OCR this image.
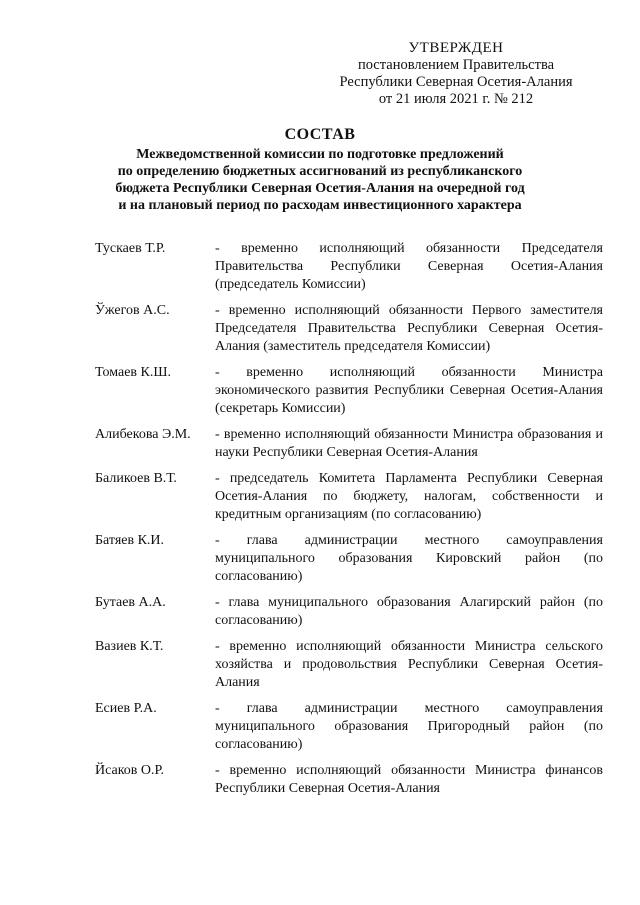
УТВЕРЖДЕН
постановлением Правительства
Республики Северная Осетия-Алания
от 21 июля 2021 г. № 212
СОСТАВ
Межведомственной комиссии по подготовке предложений
по определению бюджетных ассигнований из республиканского
бюджета Республики Северная Осетия-Алания на очередной год
и на плановый период по расходам инвестиционного характера
Тускаев Т.Р.	- временно исполняющий обязанности Председателя Правительства Республики Северная Осетия-Алания (председатель Комиссии)
Ўжегов А.С.	- временно исполняющий обязанности Первого заместителя Председателя Правительства Республики Северная Осетия-Алания (заместитель председателя Комиссии)
Томаев К.Ш.	- временно исполняющий обязанности Министра экономического развития Республики Северная Осетия-Алания (секретарь Комиссии)
Алибекова Э.М.	- временно исполняющий обязанности Министра образования и науки Республики Северная Осетия-Алания
Баликоев В.Т.	- председатель Комитета Парламента Республики Северная Осетия-Алания по бюджету, налогам, собственности и кредитным организациям (по согласованию)
Батяев К.И.	- глава администрации местного самоуправления муниципального образования Кировский район (по согласованию)
Бутаев А.А.	- глава муниципального образования Алагирский район (по согласованию)
Вазиев К.Т.	- временно исполняющий обязанности Министра сельского хозяйства и продовольствия Республики Северная Осетия-Алания
Есиев Р.А.	- глава администрации местного самоуправления муниципального образования Пригородный район (по согласованию)
Йсаков О.Р.	- временно исполняющий обязанности Министра финансов Республики Северная Осетия-Алания
